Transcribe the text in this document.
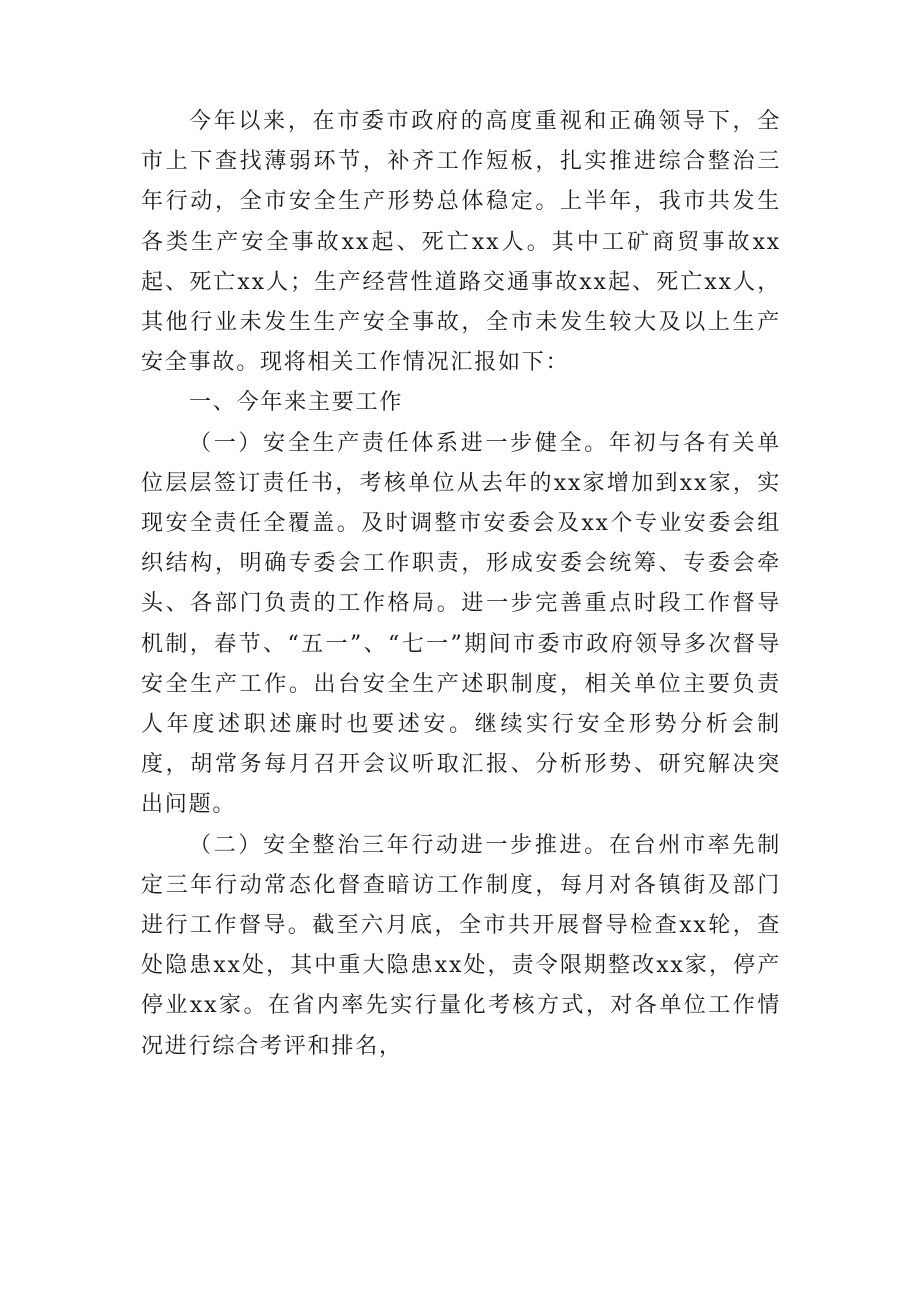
今年以来，在市委市政府的高度重视和正确领导下，全市上下查找薄弱环节，补齐工作短板，扎实推进综合整治三年行动，全市安全生产形势总体稳定。上半年，我市共发生各类生产安全事故xx起、死亡xx人。其中工矿商贸事故xx起、死亡xx人；生产经营性道路交通事故xx起、死亡xx人，其他行业未发生生产安全事故，全市未发生较大及以上生产安全事故。现将相关工作情况汇报如下：

一、今年来主要工作

（一）安全生产责任体系进一步健全。年初与各有关单位层层签订责任书，考核单位从去年的xx家增加到xx家，实现安全责任全覆盖。及时调整市安委会及xx个专业安委会组织结构，明确专委会工作职责，形成安委会统筹、专委会牵头、各部门负责的工作格局。进一步完善重点时段工作督导机制，春节、“五一”、“七一”期间市委市政府领导多次督导安全生产工作。出台安全生产述职制度，相关单位主要负责人年度述职述廉时也要述安。继续实行安全形势分析会制度，胡常务每月召开会议听取汇报、分析形势、研究解决突出问题。

（二）安全整治三年行动进一步推进。在台州市率先制定三年行动常态化督查暗访工作制度，每月对各镇街及部门进行工作督导。截至六月底，全市共开展督导检查xx轮，查处隐患xx处，其中重大隐患xx处，责令限期整改xx家，停产停业xx家。在省内率先实行量化考核方式，对各单位工作情况进行综合考评和排名，
